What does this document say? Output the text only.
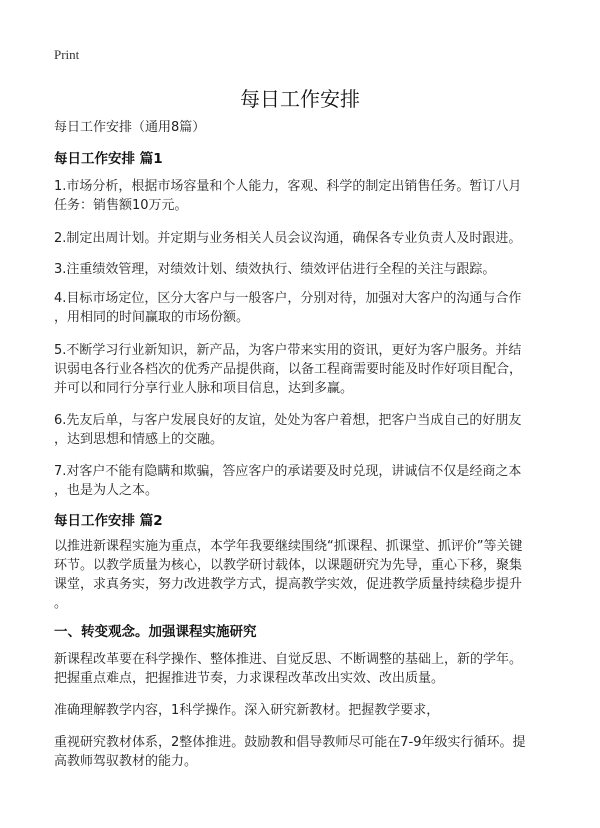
Print
每日工作安排
每日工作安排（通用8篇）
每日工作安排 篇1
1.市场分析，根据市场容量和个人能力，客观、科学的制定出销售任务。暂订八月
任务：销售额10万元。
2.制定出周计划。并定期与业务相关人员会议沟通，确保各专业负责人及时跟进。
3.注重绩效管理，对绩效计划、绩效执行、绩效评估进行全程的关注与跟踪。
4.目标市场定位，区分大客户与一般客户，分别对待，加强对大客户的沟通与合作
，用相同的时间赢取的市场份额。
5.不断学习行业新知识，新产品，为客户带来实用的资讯，更好为客户服务。并结
识弱电各行业各档次的优秀产品提供商，以备工程商需要时能及时作好项目配合，
并可以和同行分享行业人脉和项目信息，达到多赢。
6.先友后单，与客户发展良好的友谊，处处为客户着想，把客户当成自己的好朋友
，达到思想和情感上的交融。
7.对客户不能有隐瞒和欺骗，答应客户的承诺要及时兑现，讲诚信不仅是经商之本
，也是为人之本。
每日工作安排 篇2
以推进新课程实施为重点，本学年我要继续围绕“抓课程、抓课堂、抓评价”等关键
环节。以教学质量为核心，以教学研讨载体，以课题研究为先导，重心下移，聚集
课堂，求真务实，努力改进教学方式，提高教学实效，促进教学质量持续稳步提升
。
一、转变观念。加强课程实施研究
新课程改革要在科学操作、整体推进、自觉反思、不断调整的基础上，新的学年。
把握重点难点，把握推进节奏，力求课程改革改出实效、改出质量。
准确理解教学内容，1科学操作。深入研究新教材。把握教学要求，
重视研究教材体系，2整体推进。鼓励教和倡导教师尽可能在7-9年级实行循环。提
高教师驾驭教材的能力。
